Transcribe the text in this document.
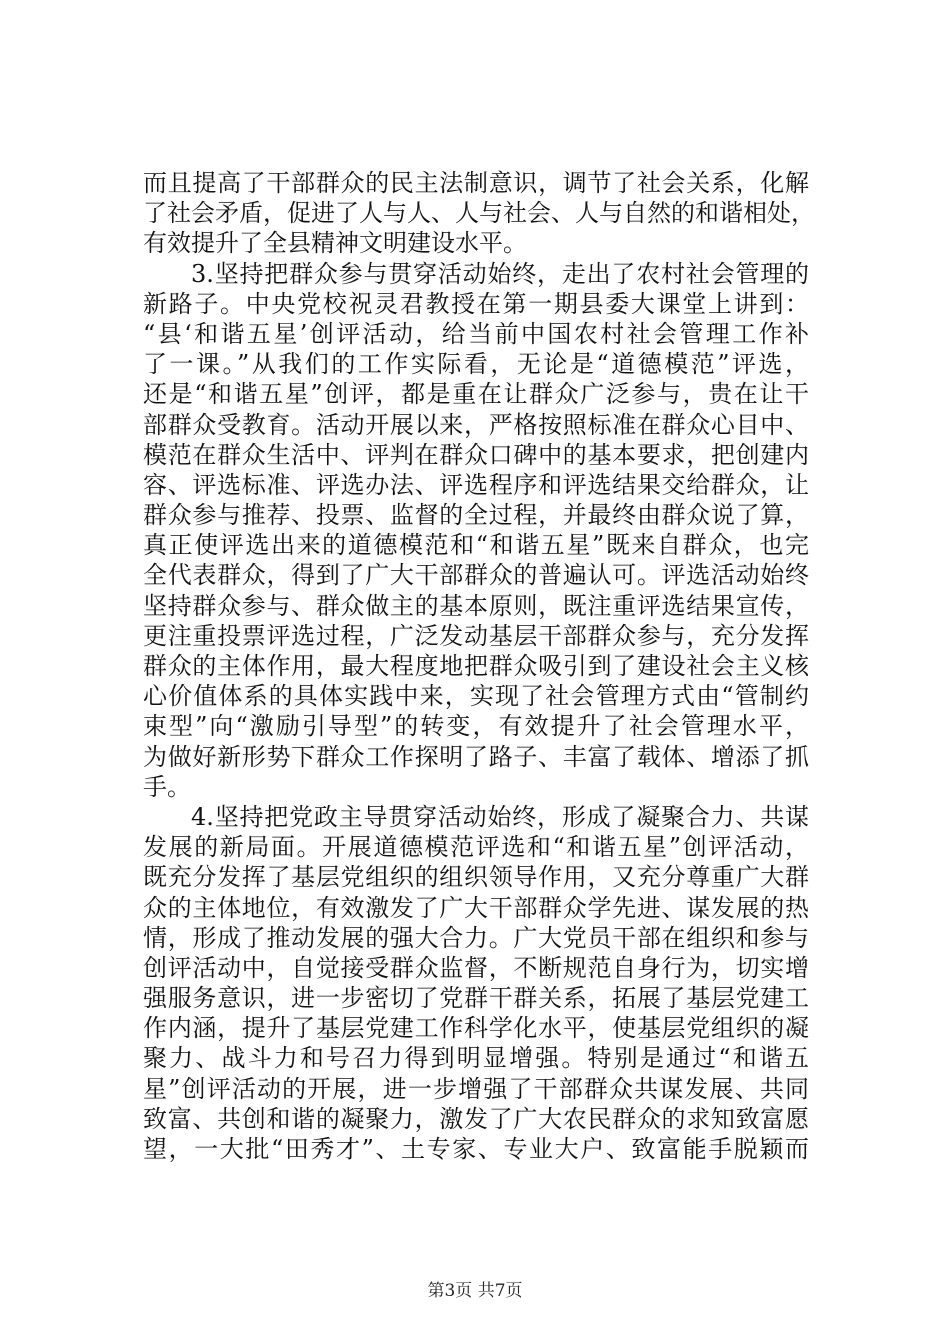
而且提高了干部群众的民主法制意识，调节了社会关系，化解
了社会矛盾，促进了人与人、人与社会、人与自然的和谐相处，
有效提升了全县精神文明建设水平。
3.坚持把群众参与贯穿活动始终，走出了农村社会管理的
新路子。中央党校祝灵君教授在第一期县委大课堂上讲到：
“县‘和谐五星’创评活动，给当前中国农村社会管理工作补
了一课。”从我们的工作实际看，无论是“道德模范”评选，
还是“和谐五星”创评，都是重在让群众广泛参与，贵在让干
部群众受教育。活动开展以来，严格按照标准在群众心目中、
模范在群众生活中、评判在群众口碑中的基本要求，把创建内
容、评选标准、评选办法、评选程序和评选结果交给群众，让
群众参与推荐、投票、监督的全过程，并最终由群众说了算，
真正使评选出来的道德模范和“和谐五星”既来自群众，也完
全代表群众，得到了广大干部群众的普遍认可。评选活动始终
坚持群众参与、群众做主的基本原则，既注重评选结果宣传，
更注重投票评选过程，广泛发动基层干部群众参与，充分发挥
群众的主体作用，最大程度地把群众吸引到了建设社会主义核
心价值体系的具体实践中来，实现了社会管理方式由“管制约
束型”向“激励引导型”的转变，有效提升了社会管理水平，
为做好新形势下群众工作探明了路子、丰富了载体、增添了抓
手。
4.坚持把党政主导贯穿活动始终，形成了凝聚合力、共谋
发展的新局面。开展道德模范评选和“和谐五星”创评活动，
既充分发挥了基层党组织的组织领导作用，又充分尊重广大群
众的主体地位，有效激发了广大干部群众学先进、谋发展的热
情，形成了推动发展的强大合力。广大党员干部在组织和参与
创评活动中，自觉接受群众监督，不断规范自身行为，切实增
强服务意识，进一步密切了党群干群关系，拓展了基层党建工
作内涵，提升了基层党建工作科学化水平，使基层党组织的凝
聚力、战斗力和号召力得到明显增强。特别是通过“和谐五
星”创评活动的开展，进一步增强了干部群众共谋发展、共同
致富、共创和谐的凝聚力，激发了广大农民群众的求知致富愿
望，一大批“田秀才”、土专家、专业大户、致富能手脱颖而
第3页 共7页
